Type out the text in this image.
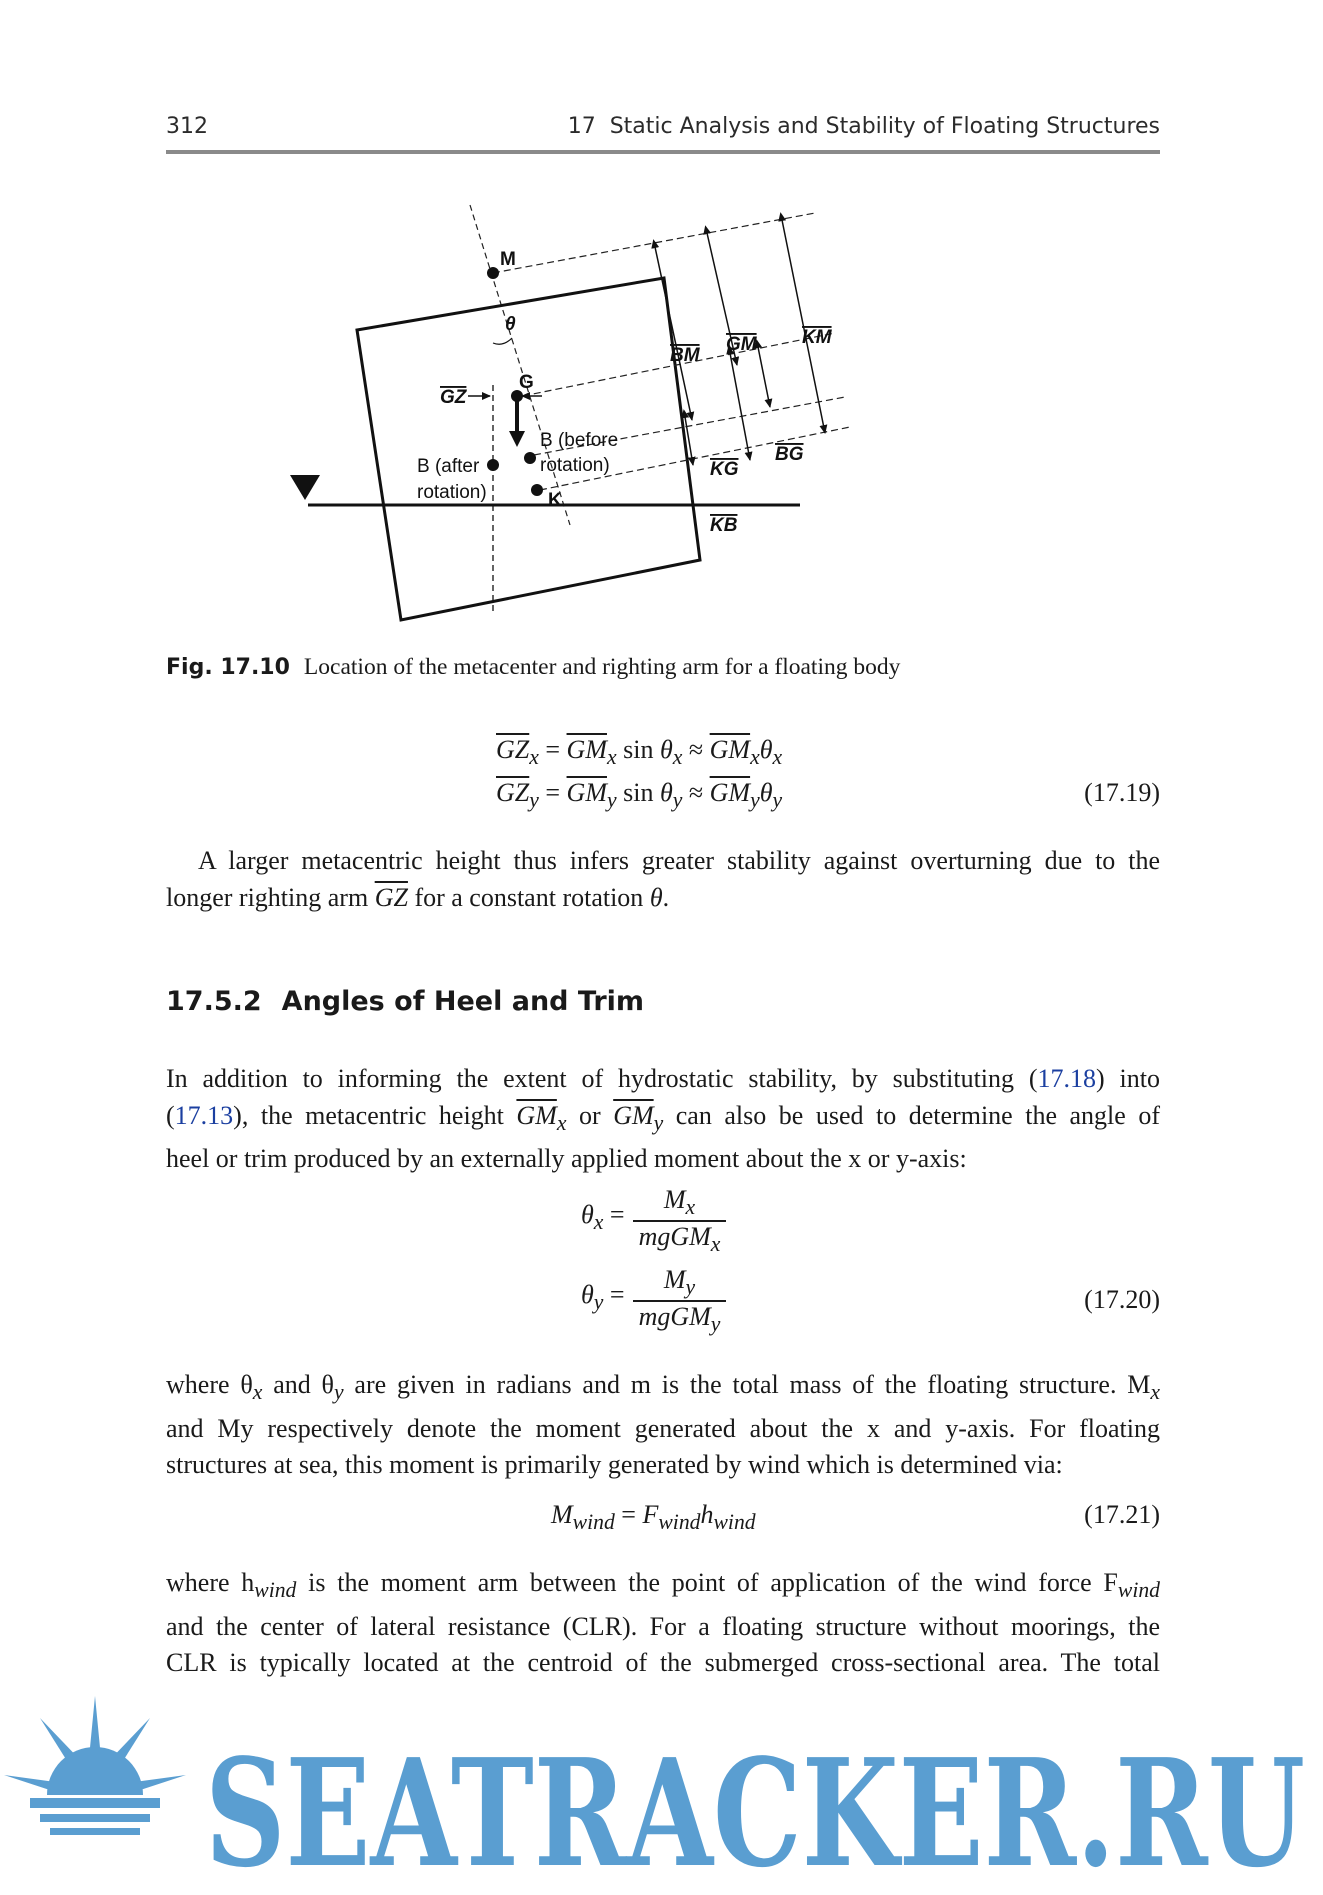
312	17 Static Analysis and Stability of Floating Structures
M
θ
G
GZ
B (after
rotation)
B (before
rotation)
K
BM
GM KM
KG
BG
KB
Fig. 17.10 Location of the metacenter and righting arm for a floating body
$\overline{GZ}_x = \overline{GM}_x$ $\sin \theta_x \approx \overline{GM}_x\theta_x$
$\overline{GZ}_y = \overline{GM}_y$ $\sin \theta_y \approx \overline{GM}_y\theta_y$	(17.19)
A larger metacentric height thus infers greater stability against overturning due to the
longer righting arm $\overline{GZ}$ for a constant rotation θ.
17.5.2 Angles of Heel and Trim
In addition to informing the extent of hydrostatic stability, by substituting (17.18) into
(17.13), the metacentric height $\overline{GM}_x$ or $\overline{GM}_y$ can also be used to determine the angle of
heel or trim produced by an externally applied moment about the x or y-axis:
$\theta_x = \frac{M_x}{mg\overline{GM}_x}$
$\theta_y = \frac{M_y}{mg\overline{GM}_y}$	(17.20)
where $\theta_x$ and $\theta_y$ are given in radians and m is the total mass of the floating structure. $M_x$
and My respectively denote the moment generated about the x and y-axis. For floating
structures at sea, this moment is primarily generated by wind which is determined via:
$M_{wind} = F_{wind}h_{wind}$	(17.21)
where $h_{wind}$ is the moment arm between the point of application of the wind force $F_{wind}$
and the center of lateral resistance (CLR). For a floating structure without moorings, the
CLR is typically located at the centroid of the submerged cross-sectional area. The total
SEATRACKER.RU
